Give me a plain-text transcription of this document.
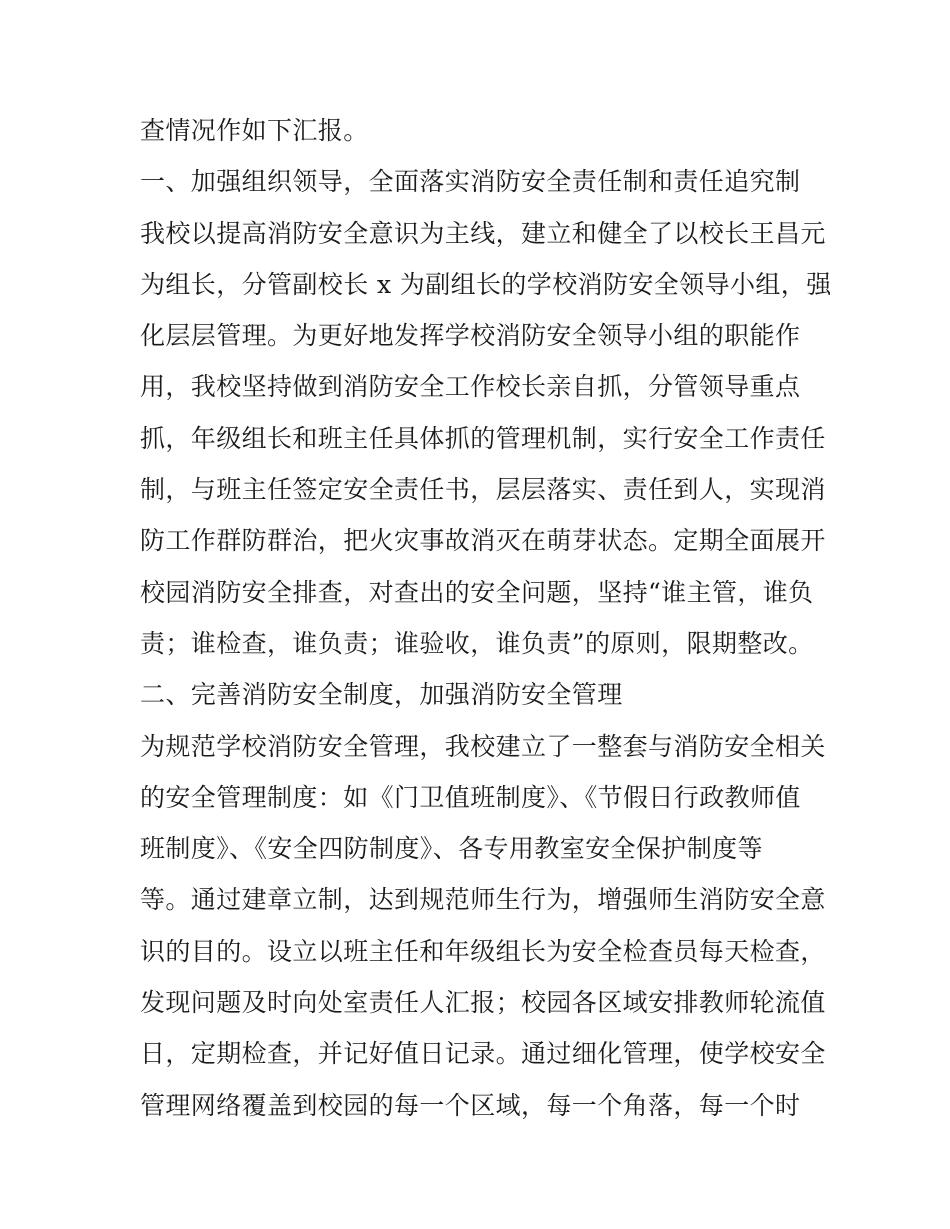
查情况作如下汇报。
一、加强组织领导，全面落实消防安全责任制和责任追究制
我校以提高消防安全意识为主线，建立和健全了以校长王昌元
为组长，分管副校长 x 为副组长的学校消防安全领导小组，强
化层层管理。为更好地发挥学校消防安全领导小组的职能作
用，我校坚持做到消防安全工作校长亲自抓，分管领导重点
抓，年级组长和班主任具体抓的管理机制，实行安全工作责任
制，与班主任签定安全责任书，层层落实、责任到人，实现消
防工作群防群治，把火灾事故消灭在萌芽状态。定期全面展开
校园消防安全排查，对查出的安全问题，坚持“谁主管，谁负
责；谁检查，谁负责；谁验收，谁负责”的原则，限期整改。
二、完善消防安全制度，加强消防安全管理
为规范学校消防安全管理，我校建立了一整套与消防安全相关
的安全管理制度：如《门卫值班制度》、《节假日行政教师值
班制度》、《安全四防制度》、各专用教室安全保护制度等
等。通过建章立制，达到规范师生行为，增强师生消防安全意
识的目的。设立以班主任和年级组长为安全检查员每天检查，
发现问题及时向处室责任人汇报；校园各区域安排教师轮流值
日，定期检查，并记好值日记录。通过细化管理，使学校安全
管理网络覆盖到校园的每一个区域，每一个角落，每一个时
